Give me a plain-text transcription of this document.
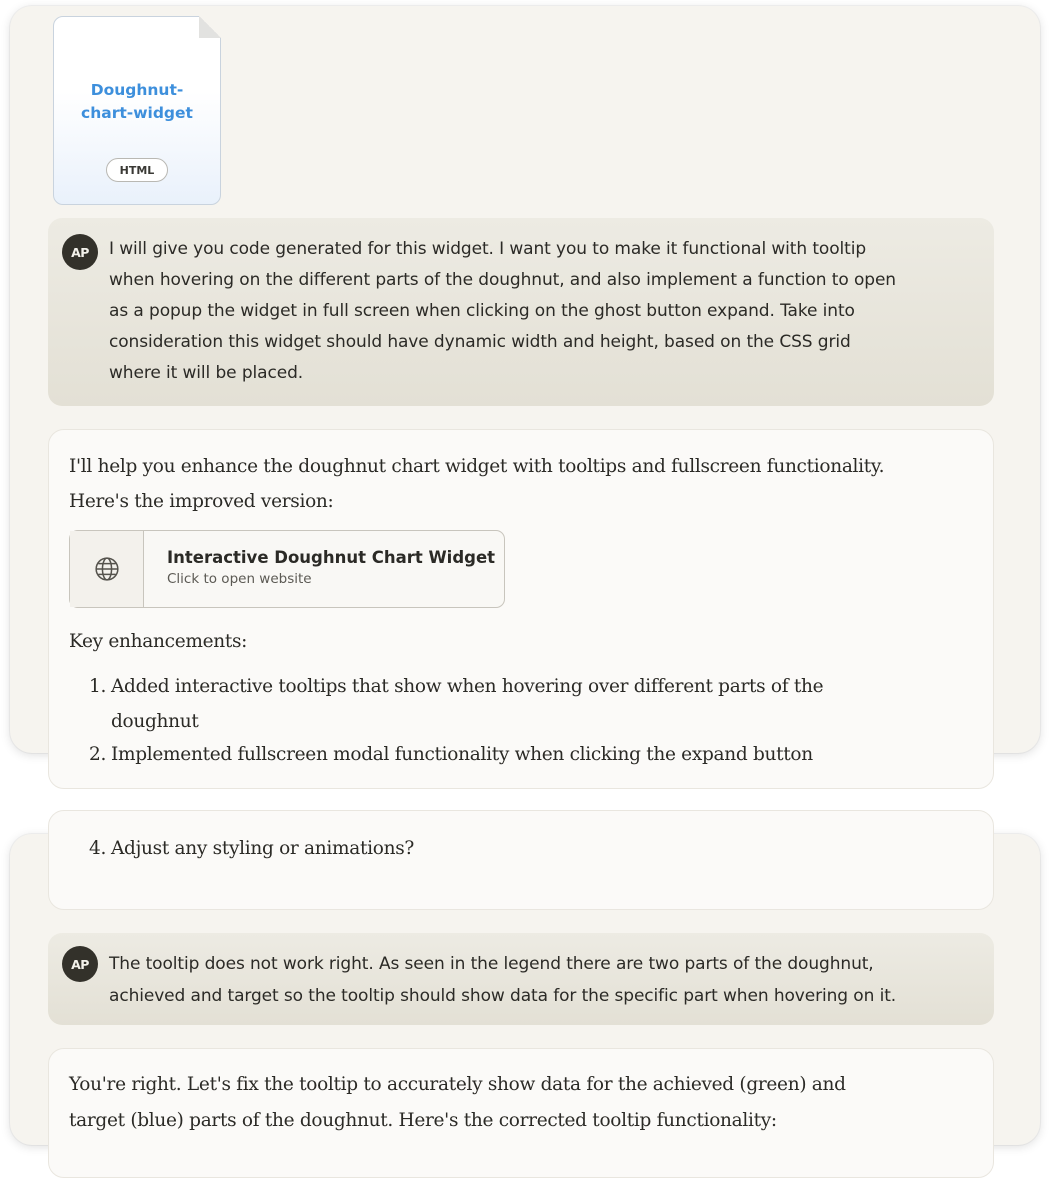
Doughnut-chart-widget
HTML
AP	I will give you code generated for this widget. I want you to make it functional with tooltip
when hovering on the different parts of the doughnut, and also implement a function to open
as a popup the widget in full screen when clicking on the ghost button expand. Take into
consideration this widget should have dynamic width and height, based on the CSS grid
where it will be placed.
I'll help you enhance the doughnut chart widget with tooltips and fullscreen functionality.
Here's the improved version:
Interactive Doughnut Chart Widget
Click to open website
Key enhancements:
1. Added interactive tooltips that show when hovering over different parts of the
doughnut
2. Implemented fullscreen modal functionality when clicking the expand button
4. Adjust any styling or animations?
AP	The tooltip does not work right. As seen in the legend there are two parts of the doughnut,
achieved and target so the tooltip should show data for the specific part when hovering on it.
You're right. Let's fix the tooltip to accurately show data for the achieved (green) and
target (blue) parts of the doughnut. Here's the corrected tooltip functionality:
